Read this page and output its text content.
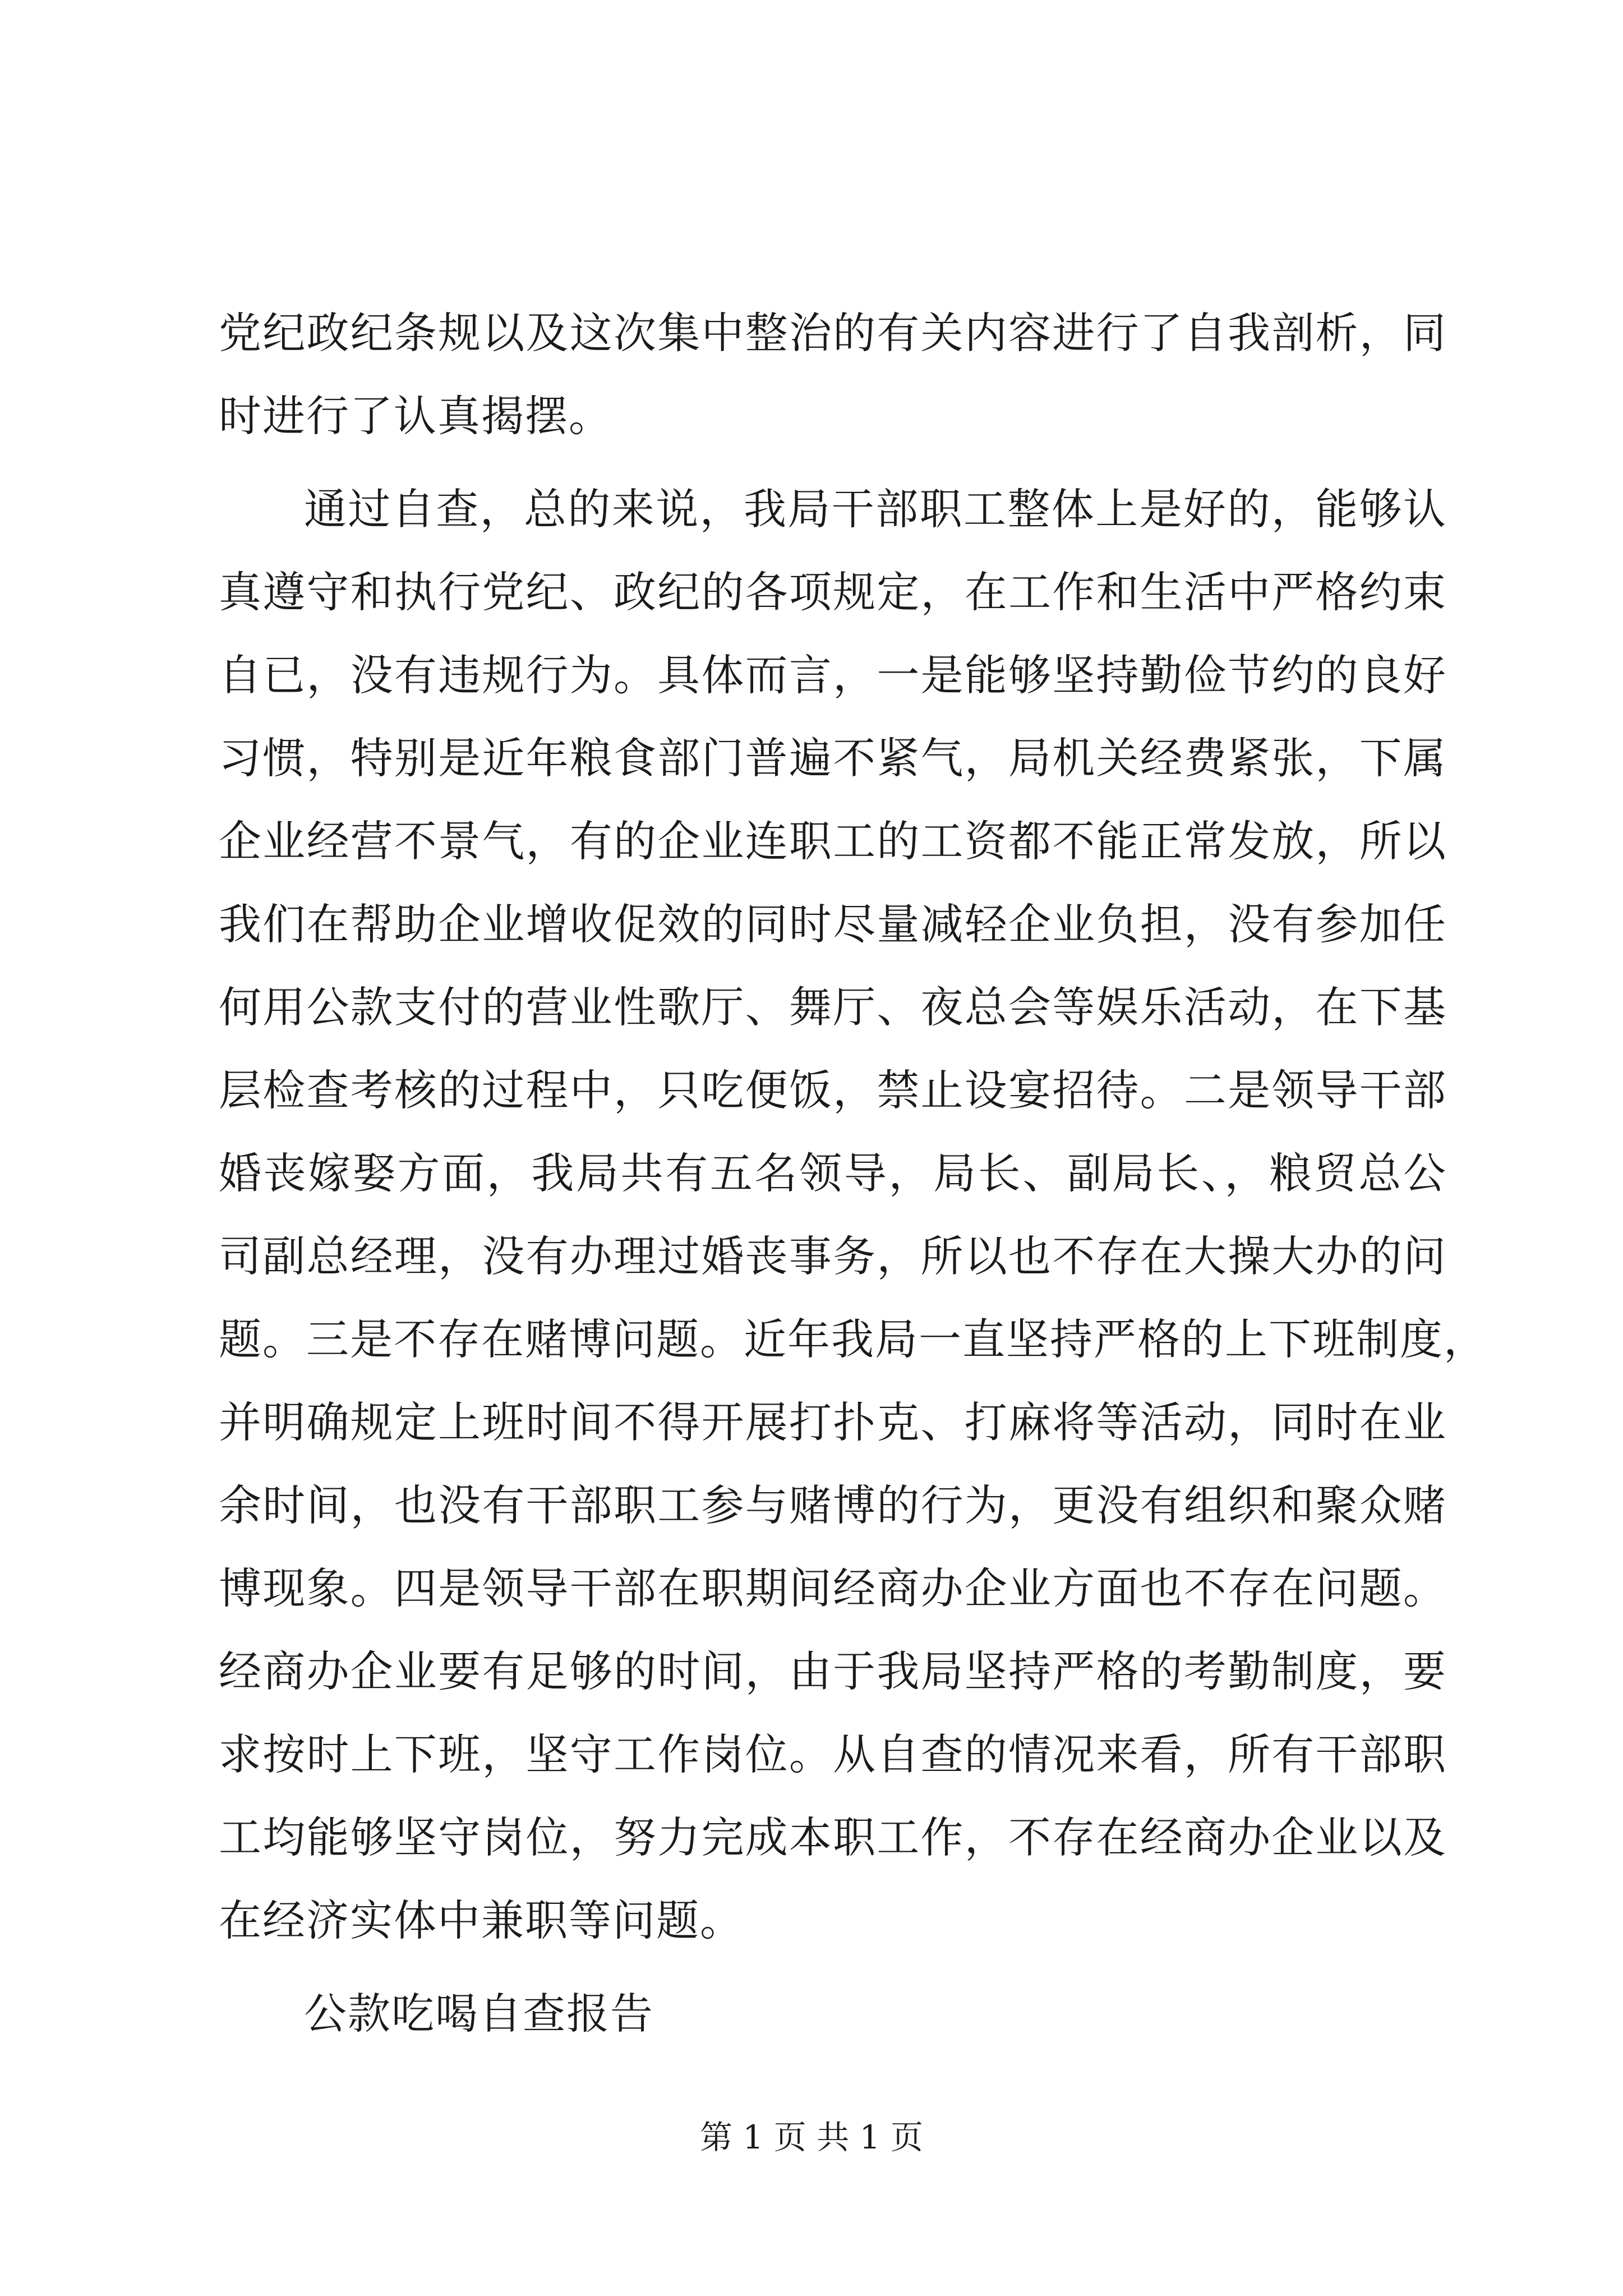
党纪政纪条规以及这次集中整治的有关内容进行了自我剖析，同
时进行了认真揭摆。
通过自查，总的来说，我局干部职工整体上是好的，能够认
真遵守和执行党纪、政纪的各项规定，在工作和生活中严格约束
自已，没有违规行为。具体而言，一是能够坚持勤俭节约的良好
习惯，特别是近年粮食部门普遍不紧气，局机关经费紧张，下属
企业经营不景气，有的企业连职工的工资都不能正常发放，所以
我们在帮助企业增收促效的同时尽量减轻企业负担，没有参加任
何用公款支付的营业性歌厅、舞厅、夜总会等娱乐活动，在下基
层检查考核的过程中，只吃便饭，禁止设宴招待。二是领导干部
婚丧嫁娶方面，我局共有五名领导，局长、副局长、，粮贸总公
司副总经理，没有办理过婚丧事务，所以也不存在大操大办的问
题。三是不存在赌博问题。近年我局一直坚持严格的上下班制度，
并明确规定上班时间不得开展打扑克、打麻将等活动，同时在业
余时间，也没有干部职工参与赌博的行为，更没有组织和聚众赌
博现象。四是领导干部在职期间经商办企业方面也不存在问题。
经商办企业要有足够的时间，由于我局坚持严格的考勤制度，要
求按时上下班，坚守工作岗位。从自查的情况来看，所有干部职
工均能够坚守岗位，努力完成本职工作，不存在经商办企业以及
在经济实体中兼职等问题。
公款吃喝自查报告
第 1 页 共 1 页
